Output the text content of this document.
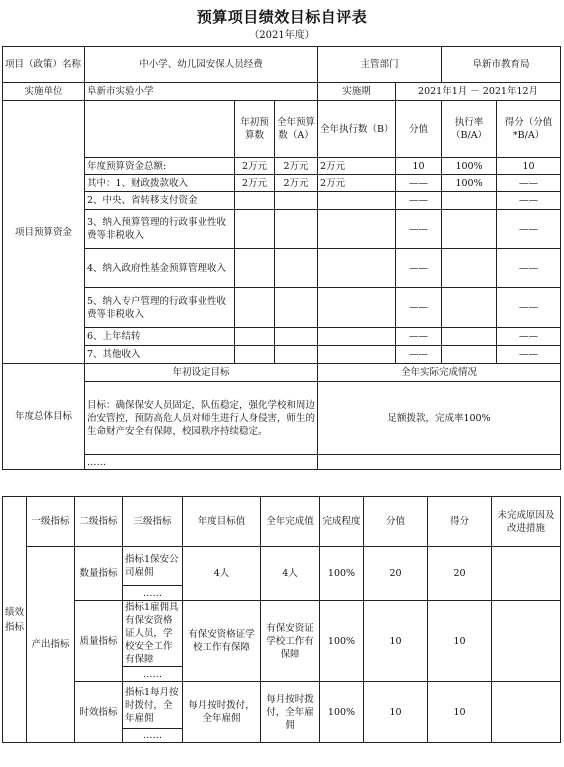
预算项目绩效目标自评表
（2021年度）
项目（政策）名称	中小学、幼儿园安保人员经费			主管部门		阜新市教育局	
实施单位	阜新市实验小学			实施期	2021年1月 － 2021年12月		
项目预算资金		年初预算数	全年预算数（A）	全年执行数（B）	分值	执行率（B/A）	得分（分值*B/A）
	年度预算资金总额:	2万元	2万元	2万元	10	100%	10
	其中：1、财政拨款收入	2万元	2万元	2万元	——	100%	——
	2、中央、省转移支付资金				——		——
	3、纳入预算管理的行政事业性收费等非税收入				——		——
	4、纳入政府性基金预算管理收入				——		——
	5、纳入专户管理的行政事业性收费等非税收入				——		——
	6、上年结转				——		——
	7、其他收入				——		——
年度总体目标	年初设定目标			全年实际完成情况			
	目标：确保保安人员固定，队伍稳定，强化学校和周边治安管控，预防高危人员对师生进行人身侵害，师生的生命财产安全有保障，校园秩序持续稳定。			足额拨款，完成率100%			
	……						
绩效指标	一级指标	二级指标	三级指标	年度目标值	全年完成值	完成程度	分值	得分	未完成原因及改进措施
	产出指标	数量指标	指标1保安公司雇佣	4人	4人	100%	20	20	
			……						
		质量指标	指标1雇佣具有保安资格证人员，学校安全工作有保障	有保安资格证学校工作有保障	有保安资证学校工作有保障	100%	10	10	
			……						
		时效指标	指标1每月按时拨付，全年雇佣	每月按时拨付，全年雇佣	每月按时拨付，全年雇佣	100%	10	10	
			……						
